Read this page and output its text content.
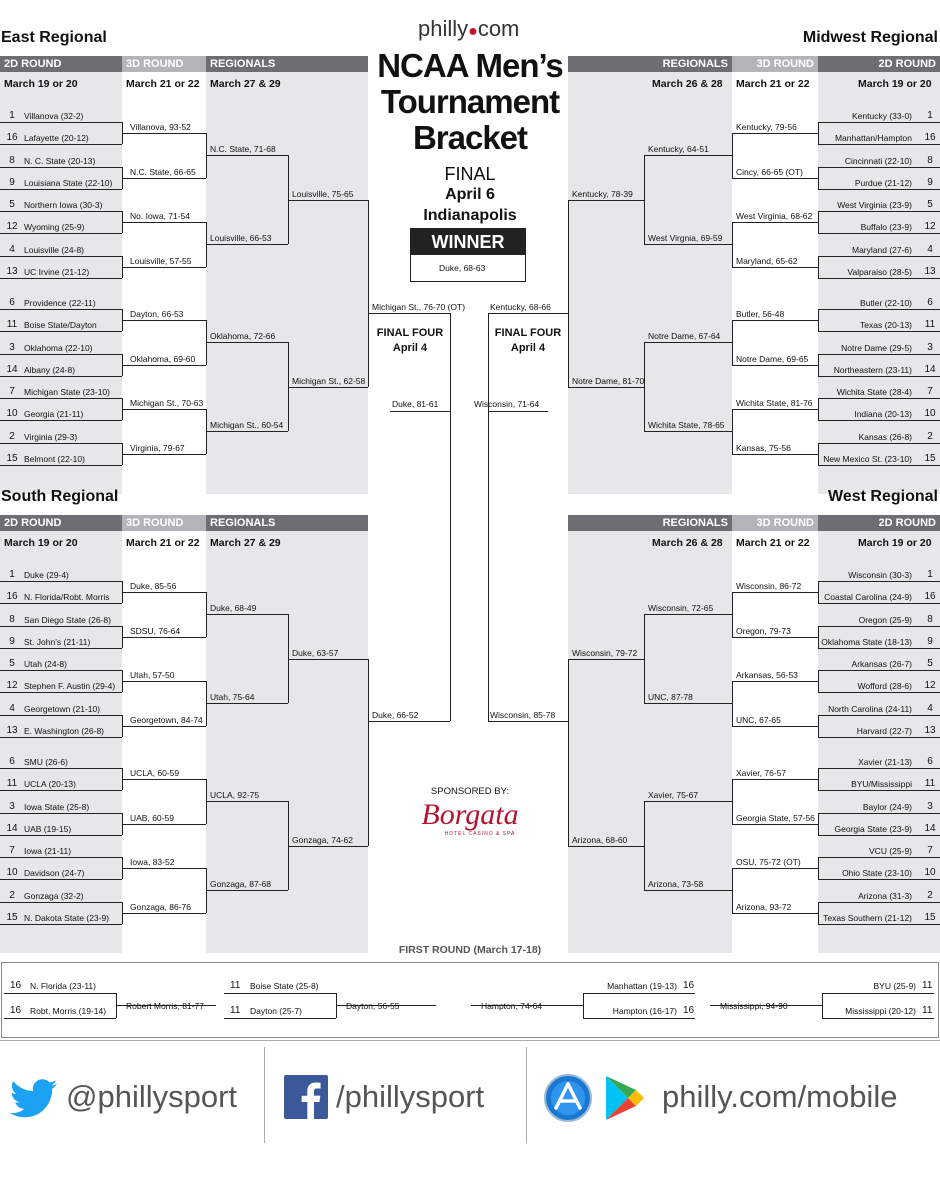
East Regional
2D ROUND	3D ROUND	REGIONALS
March 19 or 20	March 21 or 22 March 27 & 29
1	Villanova (32-2)
16 Lafayette (20-12)
8	N. C. State (20-13)
9	Louisiana State (22-10)
5	Northern Iowa (30-3)
12 Wyoming (25-9)
4	Louisville (24-8)
13 UC Irvine (21-12)
6	Providence (22-11)
11 Boise State/Dayton
3	Oklahoma (22-10)
14 Albany (24-8)
7	Michigan State (23-10)
10 Georgia (21-11)
2	Virginia (29-3)
15 Belmont (22-10)
Villanova, 93-52
N.C. State, 66-65
No. Iowa, 71-54
Louisville, 57-55
Dayton, 66-53
Oklahoma, 69-60
Michigan St., 70-63
Virginia, 79-67
N.C. State, 71-68
Louisville, 66-53
Oklahoma, 72-66
Michigan St., 60-54
Louisville, 75-65
Michigan St., 62-58
South Regional
2D ROUND	3D ROUND	REGIONALS
March 19 or 20	March 21 or 22 March 27 & 29
1	Duke (29-4)
16 N. Florida/Robt. Morris
8	San Diego State (26-8)
9	St. John’s (21-11)
5	Utah (24-8)
12 Stephen F. Austin (29-4)
4	Georgetown (21-10)
13 E. Washington (26-8)
6	SMU (26-6)
11 UCLA (20-13)
3	Iowa State (25-8)
14 UAB (19-15)
7	Iowa (21-11)
10 Davidson (24-7)
2	Gonzaga (32-2)
15 N. Dakota State (23-9)
Duke, 85-56
SDSU, 76-64
Utah, 57-50
Georgetown, 84-74
UCLA, 60-59
UAB, 60-59
Iowa, 83-52
Gonzaga, 86-76
Duke, 68-49
Utah, 75-64
UCLA, 92-75
Gonzaga, 87-68
Duke, 63-57
Gonzaga, 74-62
Midwest Regional
2D ROUND
3D ROUND
REGIONALS
March 19 or 20
March 21 or 22
March 26 & 28
1
Kentucky (33-0)
16
Manhattan/Hampton
8
Cincinnati (22-10)
9
Purdue (21-12)
5
West Virginia (23-9)
12
Buffalo (23-9)
4
Maryland (27-6)
13
Valparaiso (28-5)
6
Butler (22-10)
11
Texas (20-13)
3
Notre Dame (29-5)
14
Northeastern (23-11)
7
Wichita State (28-4)
10
Indiana (20-13)
2
Kansas (26-8)
15
New Mexico St. (23-10)
Kentucky, 79-56
Cincy, 66-65 (OT)
West Virginia, 68-62
Maryland, 65-62
Butler, 56-48
Notre Dame, 69-65
Wichita State, 81-76
Kansas, 75-56
Kentucky, 64-51
West Virgnia, 69-59
Notre Dame, 67-64
Wichita State, 78-65
Kentucky, 78-39
Notre Dame, 81-70
West Regional
2D ROUND
3D ROUND
REGIONALS
March 19 or 20
March 21 or 22
March 26 & 28
1
Wisconsin (30-3)
16
Coastal Carolina (24-9)
8
Oregon (25-9)
9
Oklahoma State (18-13)
5
Arkansas (26-7)
12
Wofford (28-6)
4
North Carolina (24-11)
13
Harvard (22-7)
6
Xavier (21-13)
11
BYU/Mississippi
3
Baylor (24-9)
14
Georgia State (23-9)
7
VCU (25-9)
10
Ohio State (23-10)
2
Arizona (31-3)
15
Texas Southern (21-12)
Wisconsin, 86-72
Oregon, 79-73
Arkansas, 56-53
UNC, 67-65
Xavier, 76-57
Georgia State, 57-56
OSU, 75-72 (OT)
Arizona, 93-72
Wisconsin, 72-65
UNC, 87-78
Xavier, 75-67
Arizona, 73-58
Wisconsin, 79-72
Arizona, 68-60
Michigan St., 76-70 (OT)
Duke, 66-52
Kentucky, 68-66
Wisconsin, 85-78
16 N. Florida (23-11)
16 Robt. Morris (19-14) Robert Morris, 81-77
11 Boise State (25-8)
11 Dayton (25-7)	Dayton, 56-55
Manhattan (19-13) 16
Hampton (16-17) 16
Hampton, 74-64
BYU (25-9) 11
Mississippi (20-12) 11
Mississippi, 94-90
philly●com
NCAA Men’s
Tournament
Bracket
FINAL
April 6
Indianapolis
WINNER
Duke, 68-63
FINAL FOUR
April 4
FINAL FOUR
April 4
Duke, 81-61	Wisconsin, 71-64
SPONSORED BY:
Borgata
HOTEL CASINO & SPA
FIRST ROUND (March 17-18)
@phillysport	/phillysport	philly.com/mobile
